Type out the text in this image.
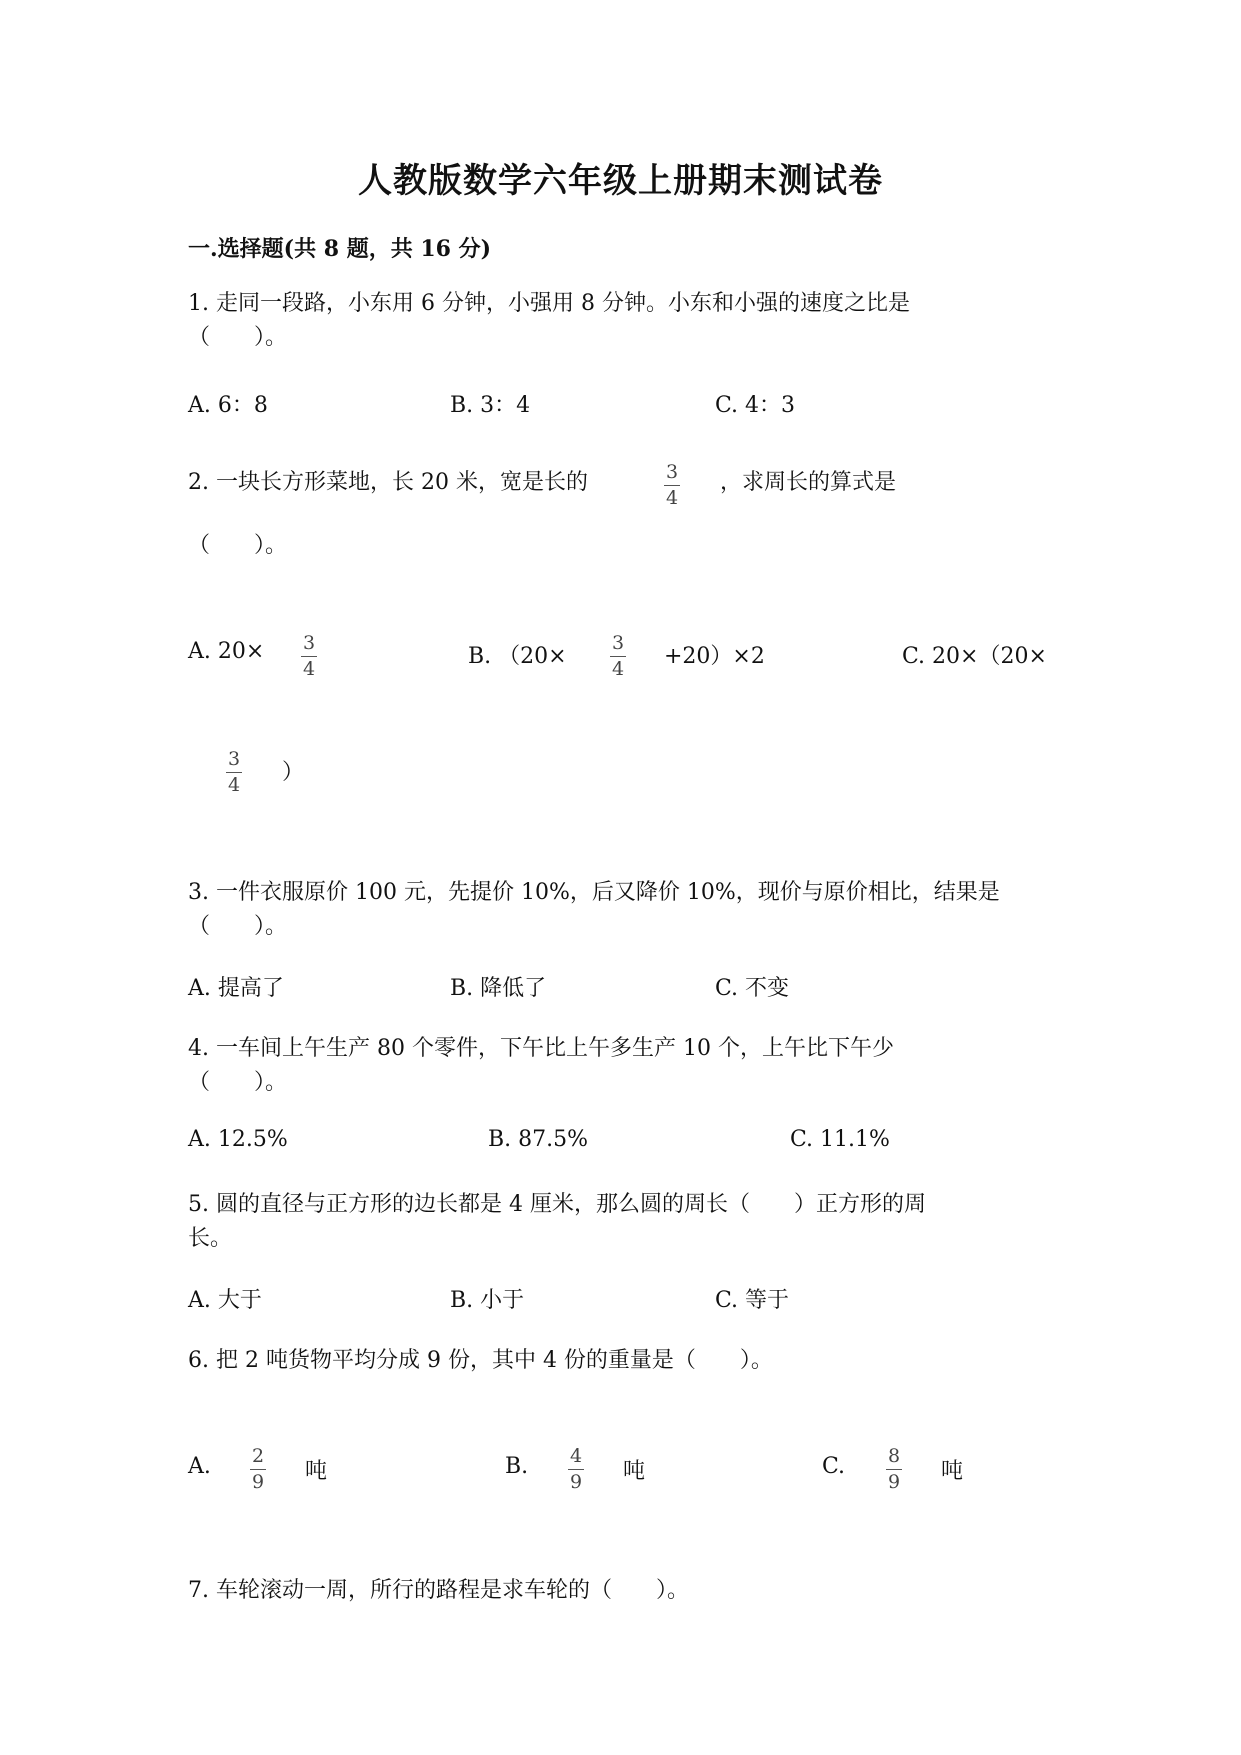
人教版数学六年级上册期末测试卷
一.选择题(共 8 题，共 16 分)
1. 走同一段路，小东用 6 分钟，小强用 8 分钟。小东和小强的速度之比是
（　　）。
A. 6：8	B. 3：4	C. 4：3
2. 一块长方形菜地，长 20 米，宽是长的	3
4
，求周长的算式是
（　　）。
A. 20× 3
4	B. （20×
3
4 +20）×2	C. 20×（20×
3
4 ）
3. 一件衣服原价 100 元，先提价 10%，后又降价 10%，现价与原价相比，结果是
（　　）。
A. 提高了	B. 降低了	C. 不变
4. 一车间上午生产 80 个零件，下午比上午多生产 10 个，上午比下午少
（　　）。
A. 12.5%	B. 87.5%	C. 11.1%
5. 圆的直径与正方形的边长都是 4 厘米，那么圆的周长（　　）正方形的周
长。
A. 大于	B. 小于	C. 等于
6. 把 2 吨货物平均分成 9 份，其中 4 份的重量是（　　）。
A. 2
9 吨	B. 4
9 吨	C. 8
9 吨
7. 车轮滚动一周，所行的路程是求车轮的（　　）。
